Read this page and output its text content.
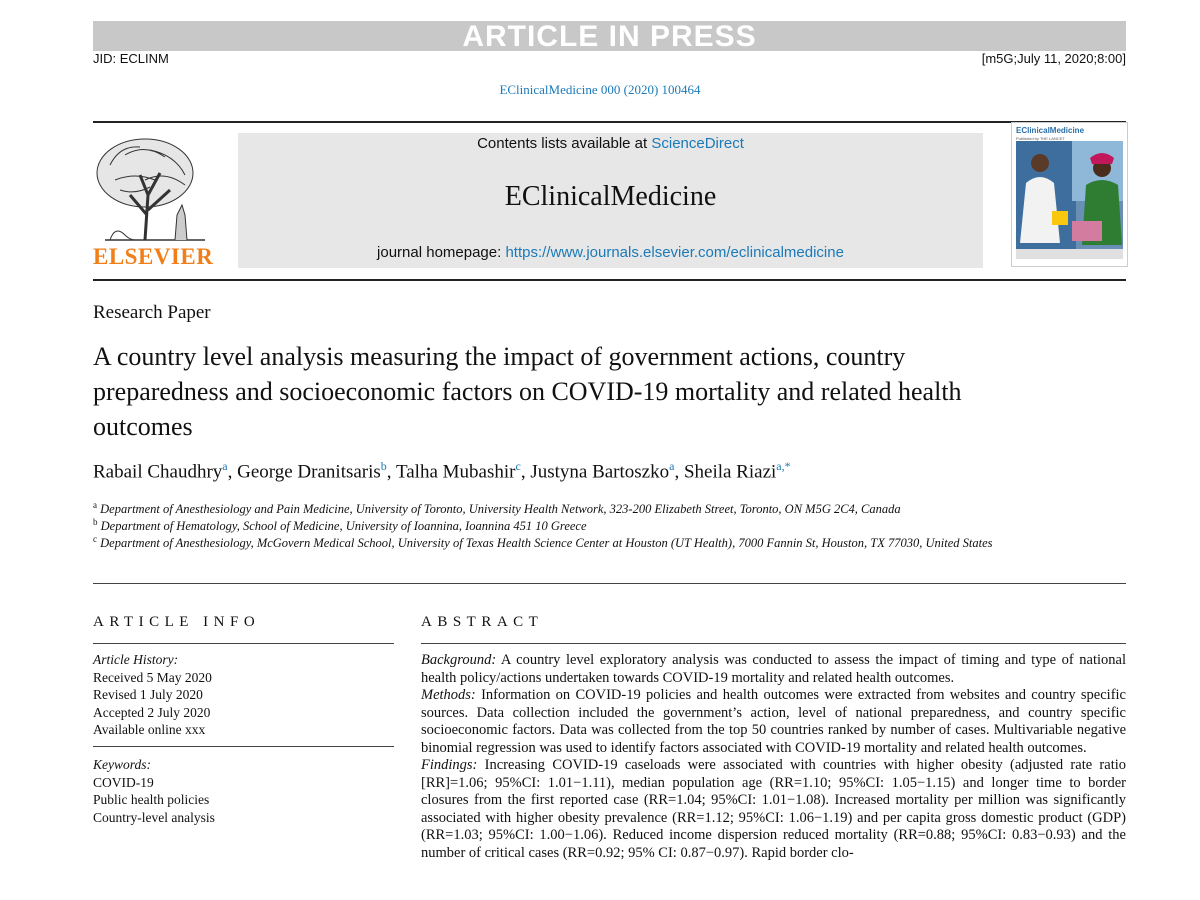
ARTICLE IN PRESS
JID: ECLINM	[m5G;July 11, 2020;8:00]
EClinicalMedicine 000 (2020) 100464
ELSEVIER
Contents lists available at ScienceDirect
EClinicalMedicine
journal homepage: https://www.journals.elsevier.com/eclinicalmedicine
EClinicalMedicine
Published by THE LANCET
Research Paper
A country level analysis measuring the impact of government actions, country preparedness and socioeconomic factors on COVID-19 mortality and related health outcomes
Rabail Chaudhry$^a$, George Dranitsaris$^b$, Talha Mubashir$^c$, Justyna Bartoszko$^a$, Sheila Riazi$^{a,*}$
$^a$ Department of Anesthesiology and Pain Medicine, University of Toronto, University Health Network, 323-200 Elizabeth Street, Toronto, ON M5G 2C4, Canada
$^b$ Department of Hematology, School of Medicine, University of Ioannina, Ioannina 451 10 Greece
$^c$ Department of Anesthesiology, McGovern Medical School, University of Texas Health Science Center at Houston (UT Health), 7000 Fannin St, Houston, TX 77030, United States
ARTICLE INFO	ABSTRACT
Article History:
Received 5 May 2020
Revised 1 July 2020
Accepted 2 July 2020
Available online xxx
Keywords:
COVID-19
Public health policies
Country-level analysis

Background: A country level exploratory analysis was conducted to assess the impact of timing and type of national health policy/actions undertaken towards COVID-19 mortality and related health outcomes.

Methods: Information on COVID-19 policies and health outcomes were extracted from websites and country specific sources. Data collection included the government’s action, level of national preparedness, and country specific socioeconomic factors. Data was collected from the top 50 countries ranked by number of cases. Multivariable negative binomial regression was used to identify factors associated with COVID-19 mortality and related health outcomes.

Findings: Increasing COVID-19 caseloads were associated with countries with higher obesity (adjusted rate ratio [RR]=1.06; 95%CI: 1.01−1.11), median population age (RR=1.10; 95%CI: 1.05−1.15) and longer time to border closures from the first reported case (RR=1.04; 95%CI: 1.01−1.08). Increased mortality per million was significantly associated with higher obesity prevalence (RR=1.12; 95%CI: 1.06−1.19) and per capita gross domestic product (GDP) (RR=1.03; 95%CI: 1.00−1.06). Reduced income dispersion reduced mortality (RR=0.88; 95%CI: 0.83−0.93) and the number of critical cases (RR=0.92; 95% CI: 0.87−0.97). Rapid border clo-
